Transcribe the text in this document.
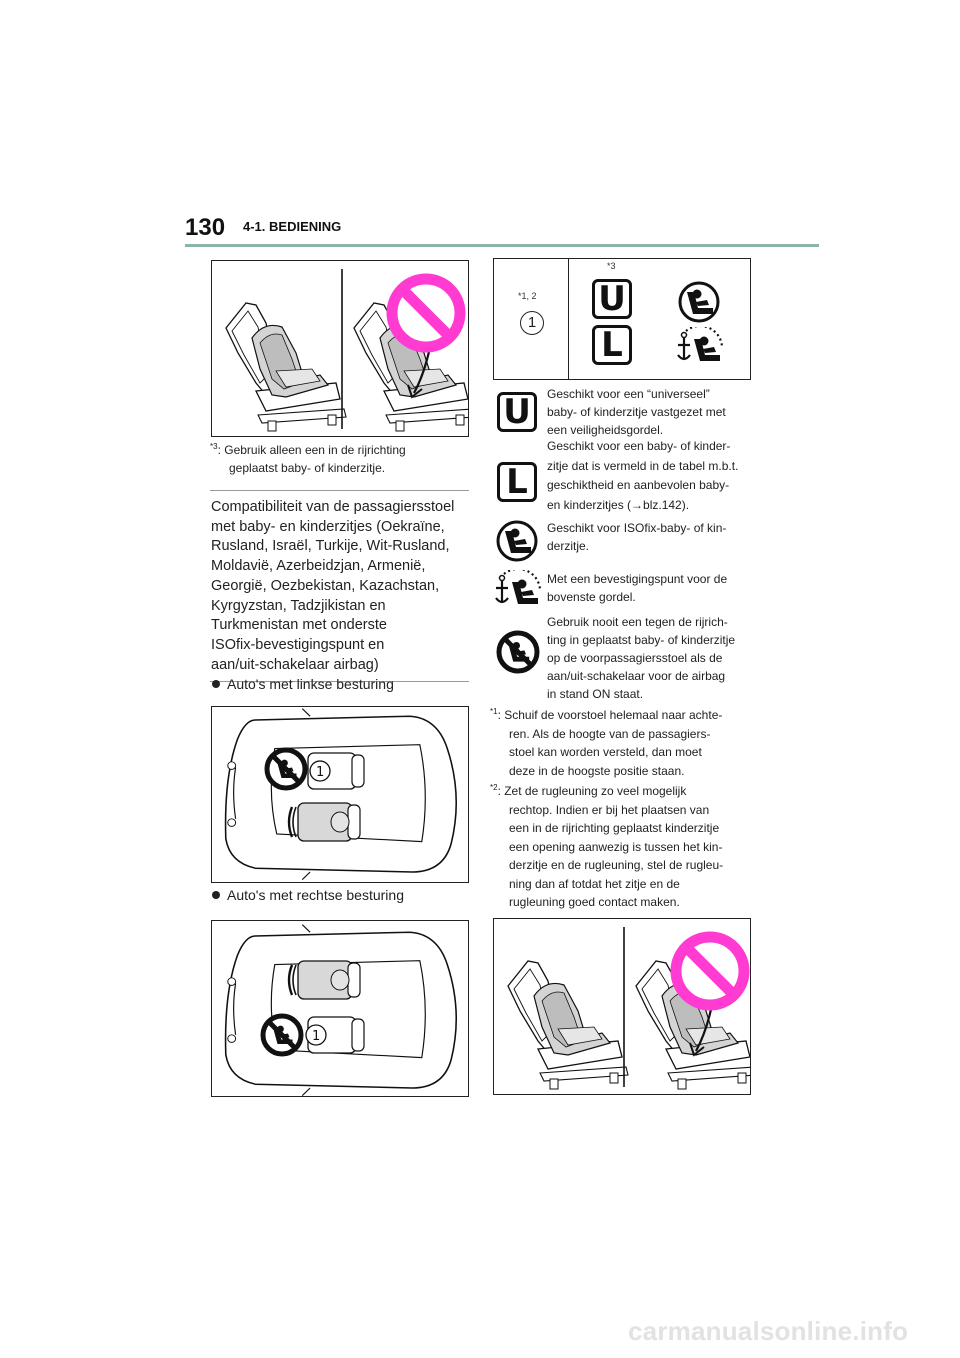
130 4-1. BEDIENING
$^{*3}$: Gebruik alleen een in de rijrichting
geplaatst baby- of kinderzitje.
Compatibiliteit van de passagiersstoel
met baby- en kinderzitjes (Oekraïne,
Rusland, Israël, Turkije, Wit-Rusland,
Moldavië, Azerbeidzjan, Armenië,
Georgië, Oezbekistan, Kazachstan,
Kyrgyzstan, Tadzjikistan en
Turkmenistan met onderste
ISOfix-bevestigingspunt en
aan/uit-schakelaar airbag)
Auto's met linkse besturing
1
Auto's met rechtse besturing
1
*1, 2
1
*3
U
L
U	Geschikt voor een “universeel”
baby- of kinderzitje vastgezet met
een veiligheidsgordel.
L
Geschikt voor een baby- of kinder-
zitje dat is vermeld in de tabel m.b.t.
geschiktheid en aanbevolen baby-
en kinderzitjes (→blz.142).
Geschikt voor ISOfix-baby- of kin-
derzitje.
Met een bevestigingspunt voor de
bovenste gordel.
Gebruik nooit een tegen de rijrich-
ting in geplaatst baby- of kinderzitje
op de voorpassagiersstoel als de
aan/uit-schakelaar voor de airbag
in stand ON staat.
$^{*1}$: Schuif de voorstoel helemaal naar achte-
ren. Als de hoogte van de passagiers-
stoel kan worden versteld, dan moet
deze in de hoogste positie staan.
$^{*2}$: Zet de rugleuning zo veel mogelijk
rechtop. Indien er bij het plaatsen van
een in de rijrichting geplaatst kinderzitje
een opening aanwezig is tussen het kin-
derzitje en de rugleuning, stel de rugleu-
ning dan af totdat het zitje en de
rugleuning goed contact maken.
carmanualsonline.info
